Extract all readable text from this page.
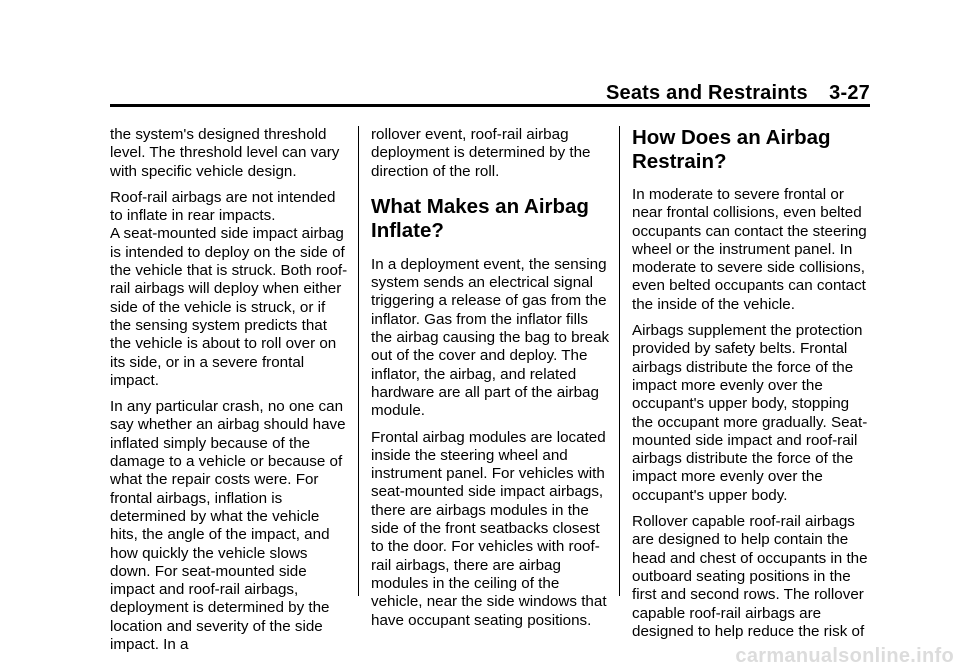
Seats and Restraints 3-27

the system's designed threshold level. The threshold level can vary with specific vehicle design.

Roof-rail airbags are not intended to inflate in rear impacts.

A seat-mounted side impact airbag is intended to deploy on the side of the vehicle that is struck. Both roof-rail airbags will deploy when either side of the vehicle is struck, or if the sensing system predicts that the vehicle is about to roll over on its side, or in a severe frontal impact.

In any particular crash, no one can say whether an airbag should have inflated simply because of the damage to a vehicle or because of what the repair costs were. For frontal airbags, inflation is determined by what the vehicle hits, the angle of the impact, and how quickly the vehicle slows down. For seat-mounted side impact and roof-rail airbags, deployment is determined by the location and severity of the side impact. In a

rollover event, roof-rail airbag deployment is determined by the direction of the roll.

What Makes an Airbag Inflate?

In a deployment event, the sensing system sends an electrical signal triggering a release of gas from the inflator. Gas from the inflator fills the airbag causing the bag to break out of the cover and deploy. The inflator, the airbag, and related hardware are all part of the airbag module.

Frontal airbag modules are located inside the steering wheel and instrument panel. For vehicles with seat-mounted side impact airbags, there are airbags modules in the side of the front seatbacks closest to the door. For vehicles with roof-rail airbags, there are airbag modules in the ceiling of the vehicle, near the side windows that have occupant seating positions.

How Does an Airbag Restrain?

In moderate to severe frontal or near frontal collisions, even belted occupants can contact the steering wheel or the instrument panel. In moderate to severe side collisions, even belted occupants can contact the inside of the vehicle.

Airbags supplement the protection provided by safety belts. Frontal airbags distribute the force of the impact more evenly over the occupant's upper body, stopping the occupant more gradually. Seat-mounted side impact and roof-rail airbags distribute the force of the impact more evenly over the occupant's upper body.

Rollover capable roof-rail airbags are designed to help contain the head and chest of occupants in the outboard seating positions in the first and second rows. The rollover capable roof-rail airbags are designed to help reduce the risk of

carmanualsonline.info
